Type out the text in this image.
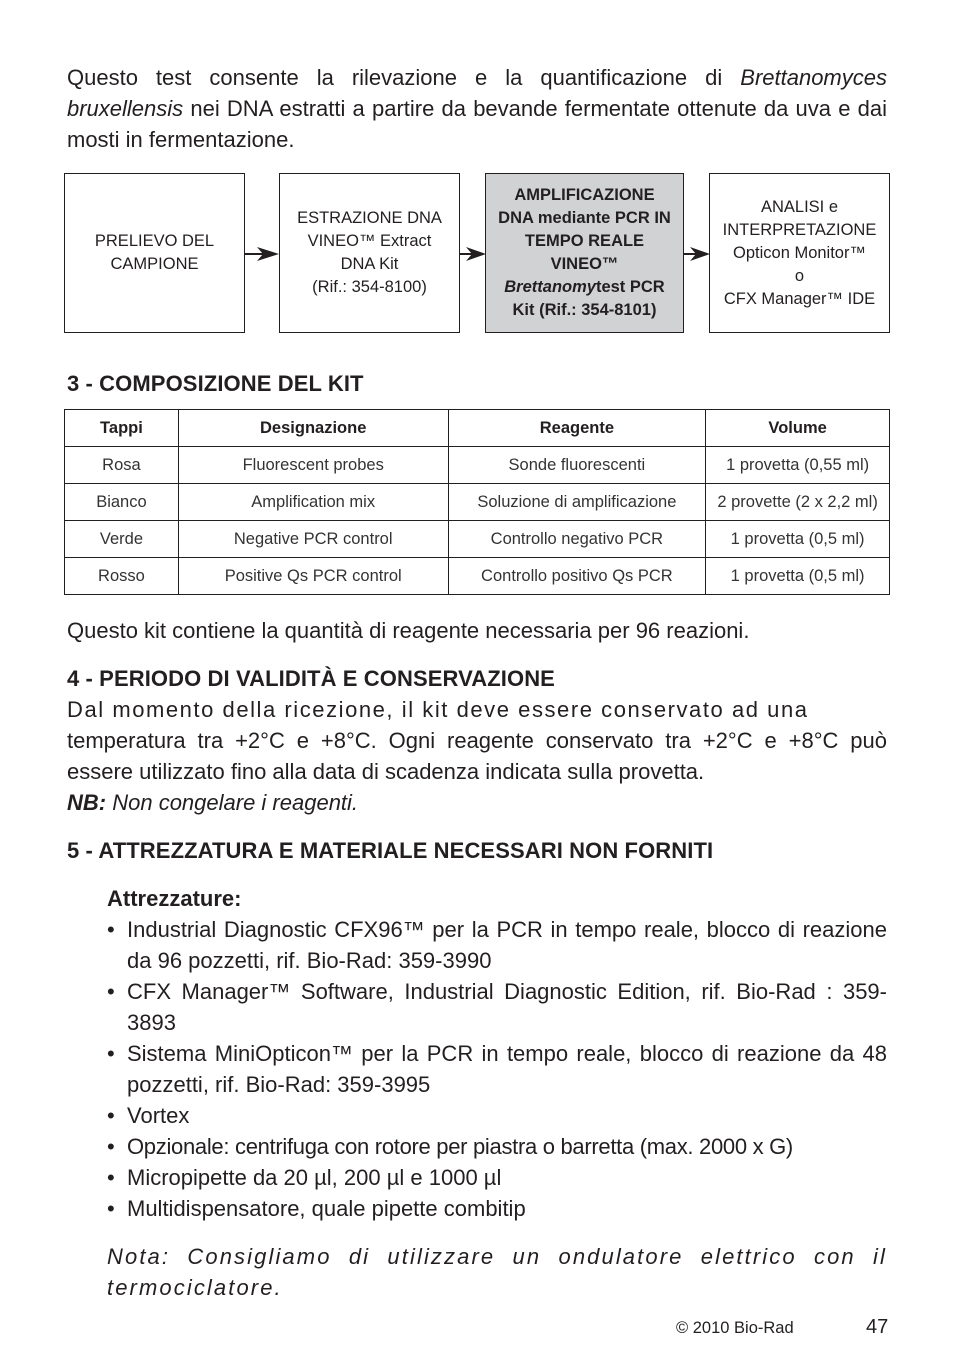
Questo test consente la rilevazione e la quantificazione di Brettanomyces bruxellensis nei DNA estratti a partire da bevande fermentate ottenute da uva e dai mosti in fermentazione.

PRELIEVO DEL
CAMPIONE
ESTRAZIONE DNA
VINEO™ Extract
DNA Kit
(Rif.: 354-8100)
AMPLIFICAZIONE
DNA mediante PCR IN
TEMPO REALE
VINEO™
Brettanomytest PCR
Kit (Rif.: 354-8101)
ANALISI e
INTERPRETAZIONE
Opticon Monitor™
o
CFX Manager™ IDE
3 - COMPOSIZIONE DEL KIT
Tappi	Designazione	Reagente	Volume
Rosa	Fluorescent probes	Sonde fluorescenti	1 provetta (0,55 ml)
Bianco	Amplification mix	Soluzione di amplificazione	2 provette (2 x 2,2 ml)
Verde	Negative PCR control	Controllo negativo PCR	1 provetta (0,5 ml)
Rosso	Positive Qs PCR control	Controllo positivo Qs PCR	1 provetta (0,5 ml)

Questo kit contiene la quantità di reagente necessaria per 96 reazioni.

4 - PERIODO DI VALIDITÀ E CONSERVAZIONE

Dal momento della ricezione, il kit deve essere conservato ad una

temperatura tra +2°C e +8°C. Ogni reagente conservato tra +2°C e +8°C può essere utilizzato fino alla data di scadenza indicata sulla provetta.

NB: Non congelare i reagenti.

5 - ATTREZZATURA E MATERIALE NECESSARI NON FORNITI
Attrezzature:
• Industrial Diagnostic CFX96™ per la PCR in tempo reale, blocco di reazione da 96 pozzetti, rif. Bio-Rad: 359-3990
• CFX Manager™ Software, Industrial Diagnostic Edition, rif. Bio-Rad : 359-3893
• Sistema MiniOpticon™ per la PCR in tempo reale, blocco di reazione da 48 pozzetti, rif. Bio-Rad: 359-3995
• Vortex
• Opzionale: centrifuga con rotore per piastra o barretta (max. 2000 x G)
• Micropipette da 20 µl, 200 µl e 1000 µl
• Multidispensatore, quale pipette combitip

Nota: Consigliamo di utilizzare un ondulatore elettrico con il termociclatore.

© 2010 Bio-Rad	47
